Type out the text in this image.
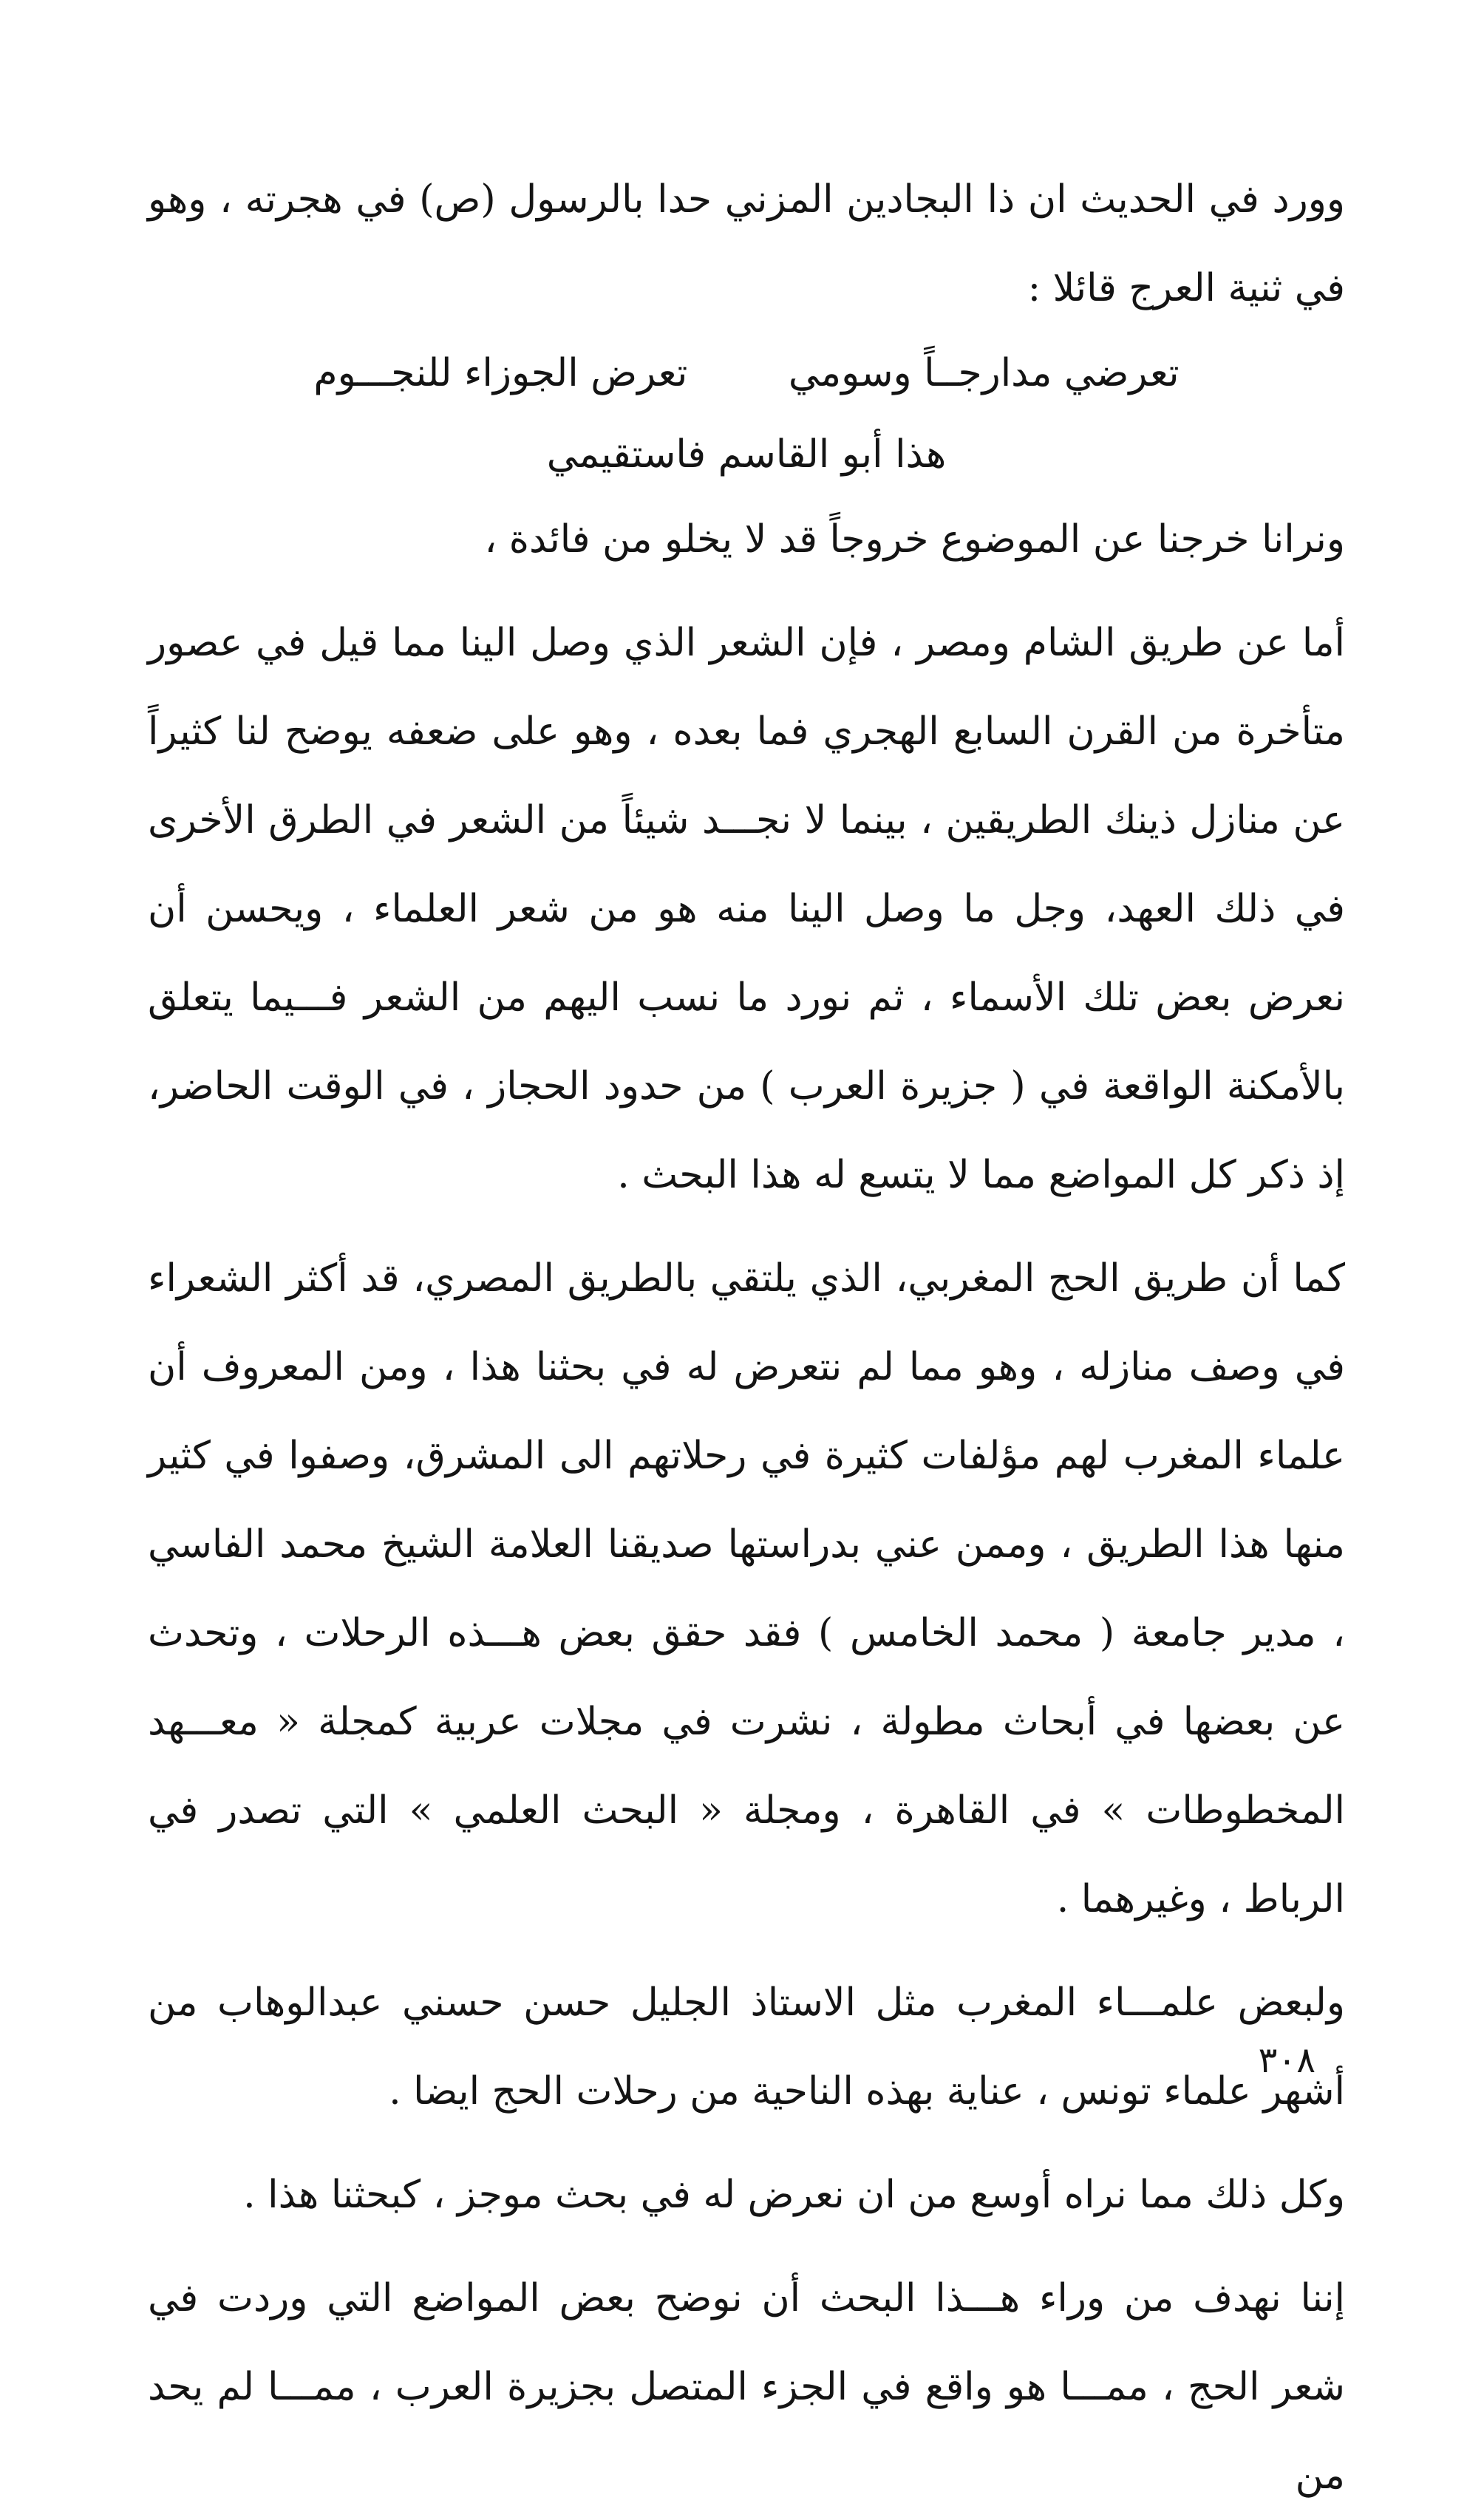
وورد في الحديث ان ذا البجادين المزني حدا بالرسول (ص) في هجرته ، وهو في ثنية العرج قائلا :

تعرضي مدارجــاً وسومي تعرض الجوزاء للنجـــوم

هذا أبو القاسم فاستقيمي

ونرانا خرجنا عن الموضوع خروجاً قد لا يخلو من فائدة ،

أما عن طريق الشام ومصر ، فإن الشعر الذي وصل الينا مما قيل في عصور متأخرة من القرن السابع الهجري فما بعده ، وهو على ضعفه يوضح لنا كثيراً عن منازل ذينك الطريقين ، بينما لا نجـــد شيئاً من الشعر في الطرق الأخرى في ذلك العهد، وجل ما وصل الينا منه هو من شعر العلماء ، ويحسن أن نعرض بعض تلك الأسماء ، ثم نورد ما نسب اليهم من الشعر فـــيما يتعلق بالأمكنة الواقعة في ( جزيرة العرب ) من حدود الحجاز ، في الوقت الحاضر، إذ ذكر كل المواضع مما لا يتسع له هذا البحث .

كما أن طريق الحج المغربي، الذي يلتقي بالطريق المصري، قد أكثر الشعراء في وصف منازله ، وهو مما لم نتعرض له في بحثنا هذا ، ومن المعروف أن علماء المغرب لهم مؤلفات كثيرة في رحلاتهم الى المشرق، وصفوا في كثير منها هذا الطريق ، وممن عني بدراستها صديقنا العلامة الشيخ محمد الفاسي ، مدير جامعة ( محمد الخامس ) فقد حقق بعض هـــذه الرحلات ، وتحدث عن بعضها في أبحاث مطولة ، نشرت في مجلات عربية كمجلة « معـــهد المخطوطات » في القاهرة ، ومجلة « البحث العلمي » التي تصدر في الرباط ، وغيرهما .

ولبعض علمـــاء المغرب مثل الاستاذ الجليل حسن حسني عبدالوهاب من أشهر علماء تونس ، عناية بهذه الناحية من رحلات الحج ايضا .

وكل ذلك مما نراه أوسع من ان نعرض له في بحث موجز ، كبحثنا هذا .

إننا نهدف من وراء هـــذا البحث أن نوضح بعض المواضع التي وردت في شعر الحج ، ممـــا هو واقع في الجزء المتصل بجزيرة العرب ، ممـــا لم يحد من

٣٠٨
